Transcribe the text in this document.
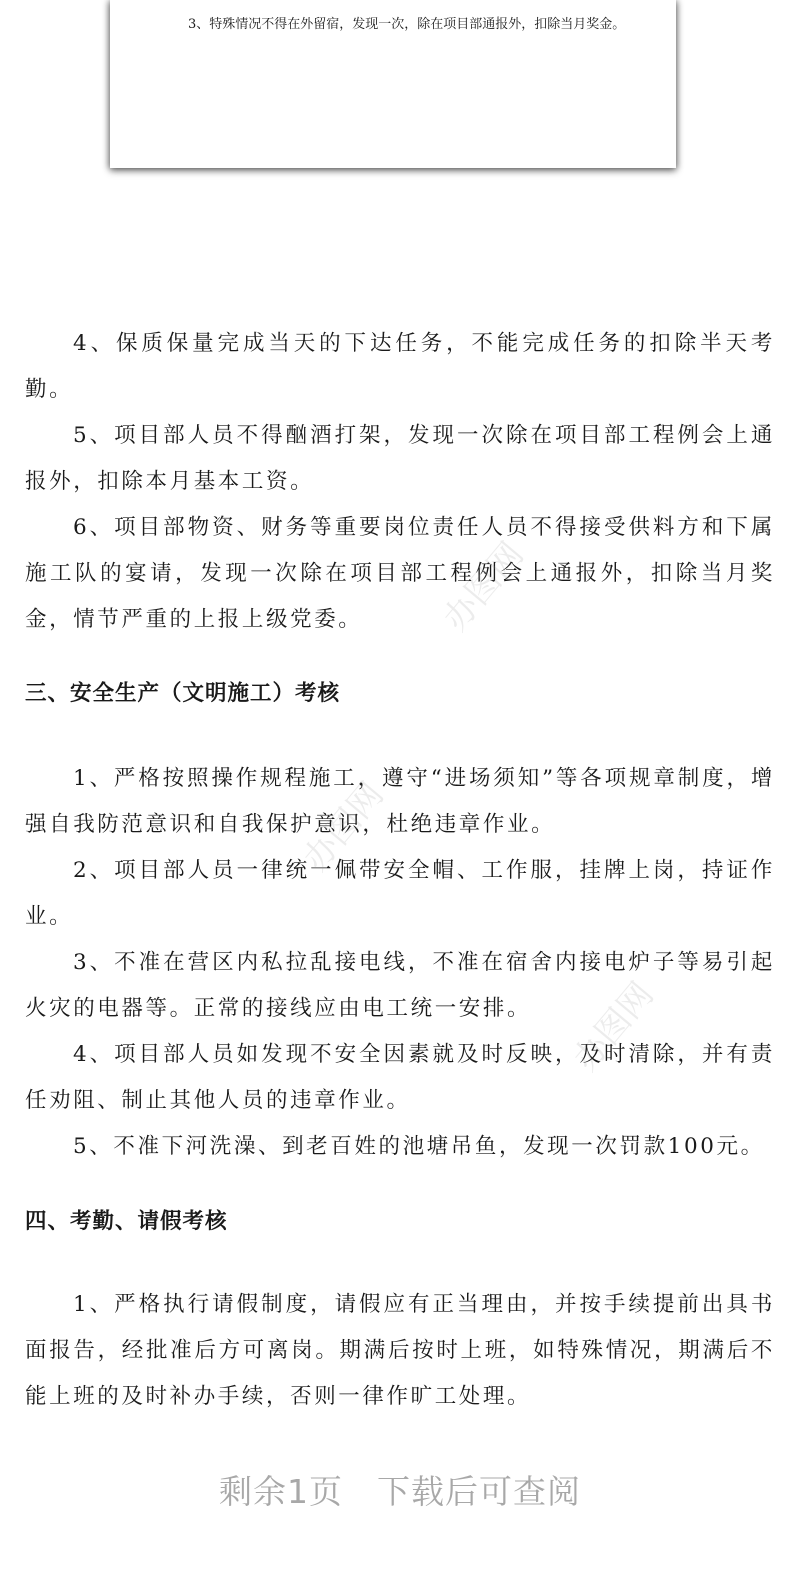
3、特殊情况不得在外留宿，发现一次，除在项目部通报外，扣除当月奖金。

4、保质保量完成当天的下达任务，不能完成任务的扣除半天考勤。

5、项目部人员不得酗酒打架，发现一次除在项目部工程例会上通报外，扣除本月基本工资。

6、项目部物资、财务等重要岗位责任人员不得接受供料方和下属施工队的宴请，发现一次除在项目部工程例会上通报外，扣除当月奖金，情节严重的上报上级党委。

三、安全生产（文明施工）考核

1、严格按照操作规程施工，遵守“进场须知”等各项规章制度，增强自我防范意识和自我保护意识，杜绝违章作业。

2、项目部人员一律统一佩带安全帽、工作服，挂牌上岗，持证作业。

3、不准在营区内私拉乱接电线，不准在宿舍内接电炉子等易引起火灾的电器等。正常的接线应由电工统一安排。

4、项目部人员如发现不安全因素就及时反映，及时清除，并有责任劝阻、制止其他人员的违章作业。

5、不准下河洗澡、到老百姓的池塘吊鱼，发现一次罚款100元。

四、考勤、请假考核

1、严格执行请假制度，请假应有正当理由，并按手续提前出具书面报告，经批准后方可离岗。期满后按时上班，如特殊情况，期满后不能上班的及时补办手续，否则一律作旷工处理。

办图网
办图网
办图网
剩余1页　下载后可查阅
